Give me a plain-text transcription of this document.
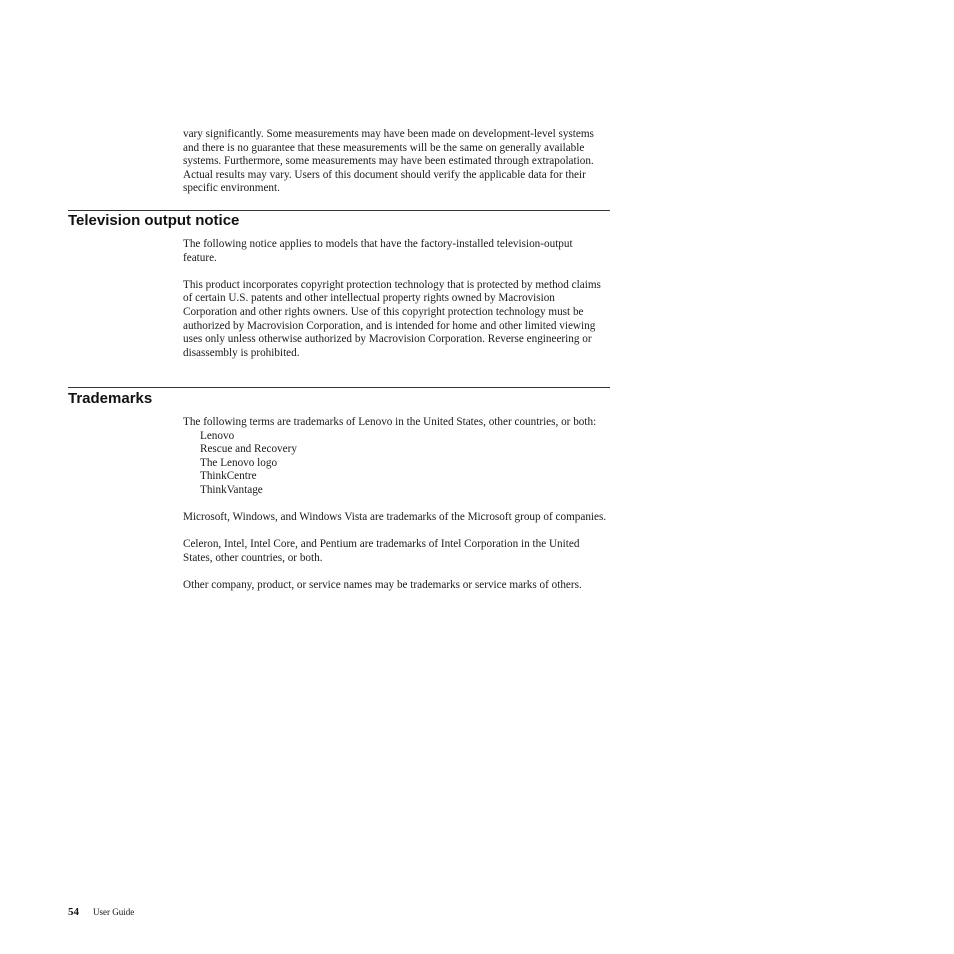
vary significantly. Some measurements may have been made on development-level systems and there is no guarantee that these measurements will be the same on generally available systems. Furthermore, some measurements may have been estimated through extrapolation. Actual results may vary. Users of this document should verify the applicable data for their specific environment.

Television output notice

The following notice applies to models that have the factory-installed television-output feature.

This product incorporates copyright protection technology that is protected by method claims of certain U.S. patents and other intellectual property rights owned by Macrovision Corporation and other rights owners. Use of this copyright protection technology must be authorized by Macrovision Corporation, and is intended for home and other limited viewing uses only unless otherwise authorized by Macrovision Corporation. Reverse engineering or disassembly is prohibited.

Trademarks

The following terms are trademarks of Lenovo in the United States, other countries, or both:

Lenovo
Rescue and Recovery
The Lenovo logo
ThinkCentre
ThinkVantage

Microsoft, Windows, and Windows Vista are trademarks of the Microsoft group of companies.

Celeron, Intel, Intel Core, and Pentium are trademarks of Intel Corporation in the United States, other countries, or both.

Other company, product, or service names may be trademarks or service marks of others.

54 User Guide
